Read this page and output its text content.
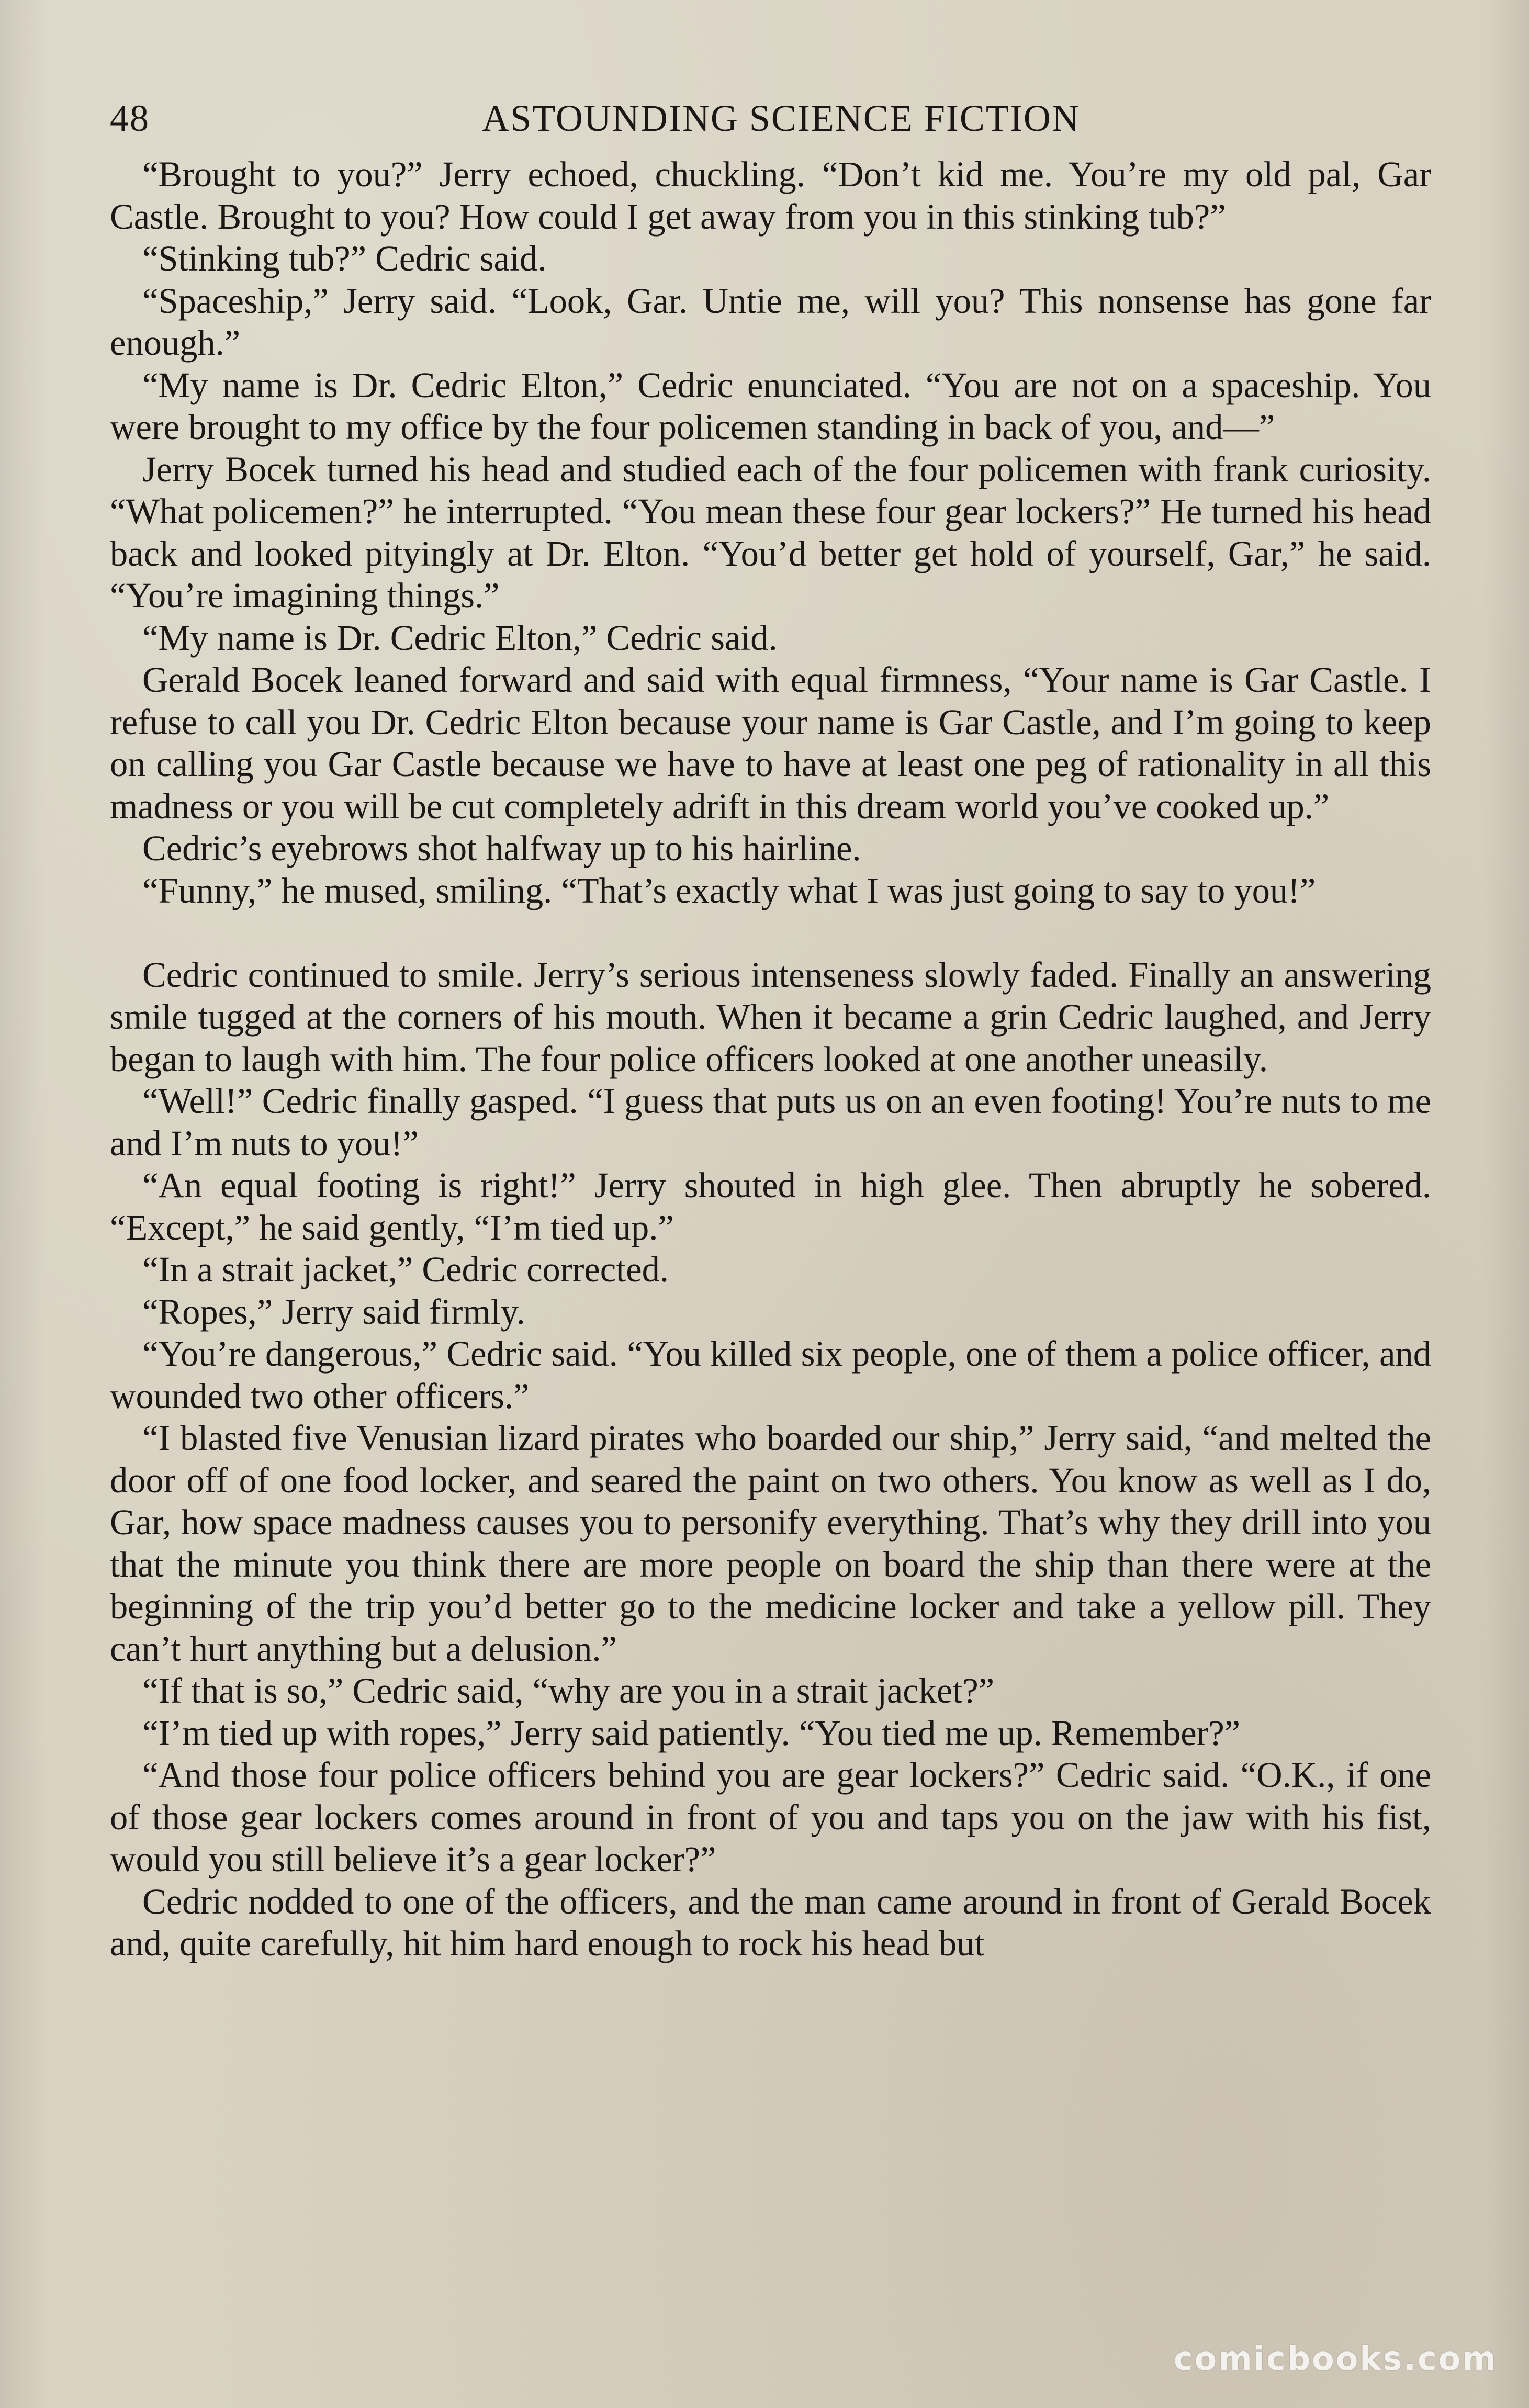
48	ASTOUNDING SCIENCE FICTION

“Brought to you?” Jerry echoed, chuckling. “Don’t kid me. You’re my old pal, Gar Castle. Brought to you? How could I get away from you in this stinking tub?”

“Stinking tub?” Cedric said.

“Spaceship,” Jerry said. “Look, Gar. Untie me, will you? This nonsense has gone far enough.”

“My name is Dr. Cedric Elton,” Cedric enunciated. “You are not on a spaceship. You were brought to my office by the four policemen standing in back of you, and—”

Jerry Bocek turned his head and studied each of the four policemen with frank curiosity. “What policemen?” he interrupted. “You mean these four gear lockers?” He turned his head back and looked pityingly at Dr. Elton. “You’d better get hold of yourself, Gar,” he said. “You’re imagining things.”

“My name is Dr. Cedric Elton,” Cedric said.

Gerald Bocek leaned forward and said with equal firmness, “Your name is Gar Castle. I refuse to call you Dr. Cedric Elton because your name is Gar Castle, and I’m going to keep on calling you Gar Castle because we have to have at least one peg of rationality in all this madness or you will be cut completely adrift in this dream world you’ve cooked up.”

Cedric’s eyebrows shot halfway up to his hairline.

“Funny,” he mused, smiling. “That’s exactly what I was just going to say to you!”

Cedric continued to smile. Jerry’s serious intenseness slowly faded. Finally an answering smile tugged at the corners of his mouth. When it became a grin Cedric laughed, and Jerry began to laugh with him. The four police officers looked at one another uneasily.

“Well!” Cedric finally gasped. “I guess that puts us on an even footing! You’re nuts to me and I’m nuts to you!”

“An equal footing is right!” Jerry shouted in high glee. Then abruptly he sobered. “Except,” he said gently, “I’m tied up.”

“In a strait jacket,” Cedric corrected.

“Ropes,” Jerry said firmly.

“You’re dangerous,” Cedric said. “You killed six people, one of them a police officer, and wounded two other officers.”

“I blasted five Venusian lizard pirates who boarded our ship,” Jerry said, “and melted the door off of one food locker, and seared the paint on two others. You know as well as I do, Gar, how space madness causes you to personify everything. That’s why they drill into you that the minute you think there are more people on board the ship than there were at the beginning of the trip you’d better go to the medicine locker and take a yellow pill. They can’t hurt anything but a delusion.”

“If that is so,” Cedric said, “why are you in a strait jacket?”

“I’m tied up with ropes,” Jerry said patiently. “You tied me up. Remember?”

“And those four police officers behind you are gear lockers?” Cedric said. “O.K., if one of those gear lockers comes around in front of you and taps you on the jaw with his fist, would you still believe it’s a gear locker?”

Cedric nodded to one of the officers, and the man came around in front of Gerald Bocek and, quite carefully, hit him hard enough to rock his head but

comicbooks.com
